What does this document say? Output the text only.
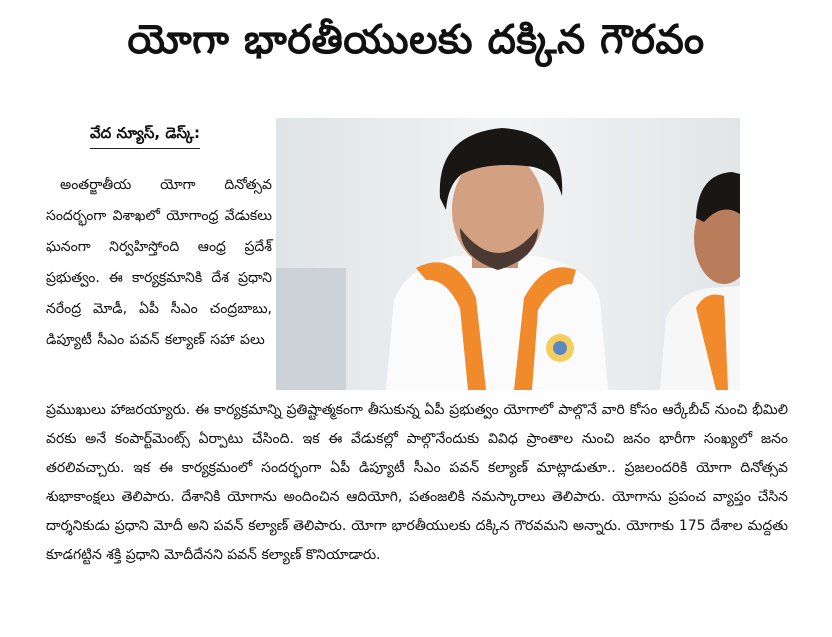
యోగా భారతీయులకు దక్కిన గౌరవం
వేద న్యూస్, డెస్క్:
అంతర్జాతీయ యోగా దినోత్సవ సందర్భంగా విశాఖలో యోగాంధ్ర వేడుకలు ఘనంగా నిర్వహిస్తోంది ఆంధ్ర ప్రదేశ్ ప్రభుత్వం. ఈ కార్యక్రమానికి దేశ ప్రధాని నరేంద్ర మోడీ, ఏపీ సీఎం చంద్రబాబు, డిప్యూటీ సీఎం పవన్ కల్యాణ్ సహా పలు
ప్రముఖులు హాజరయ్యారు. ఈ కార్యక్రమాన్ని ప్రతిష్టాత్మకంగా తీసుకున్న ఏపీ ప్రభుత్వం యోగాలో పాల్గొనే వారి కోసం ఆర్కేబీచ్ నుంచి భీమిలి వరకు అనే కంపార్ట్‌మెంట్స్ ఏర్పాటు చేసింది. ఇక ఈ వేడుకల్లో పాల్గొనేందుకు వివిధ ప్రాంతాల నుంచి జనం భారీగా సంఖ్యలో జనం తరలివచ్చారు. ఇక ఈ కార్యక్రమంలో సందర్భంగా ఏపీ డిప్యూటీ సీఎం పవన్ కల్యాణ్ మాట్లాడుతూ.. ప్రజలందరికి యోగా దినోత్సవ శుభాకాంక్షలు తెలిపారు. దేశానికి యోగాను అందించిన ఆదియోగి, పతంజలికి నమస్కారాలు తెలిపారు. యోగాను ప్రపంచ వ్యాప్తం చేసిన దార్శనికుడు ప్రధాని మోదీ అని పవన్ కల్యాణ్ తెలిపారు. యోగా భారతీయులకు దక్కిన గౌరవమని అన్నారు. యోగాకు 175 దేశాల మద్దతు కూడగట్టిన శక్తి ప్రధాని మోదీదేనని పవన్ కల్యాణ్ కొనియాడారు.
